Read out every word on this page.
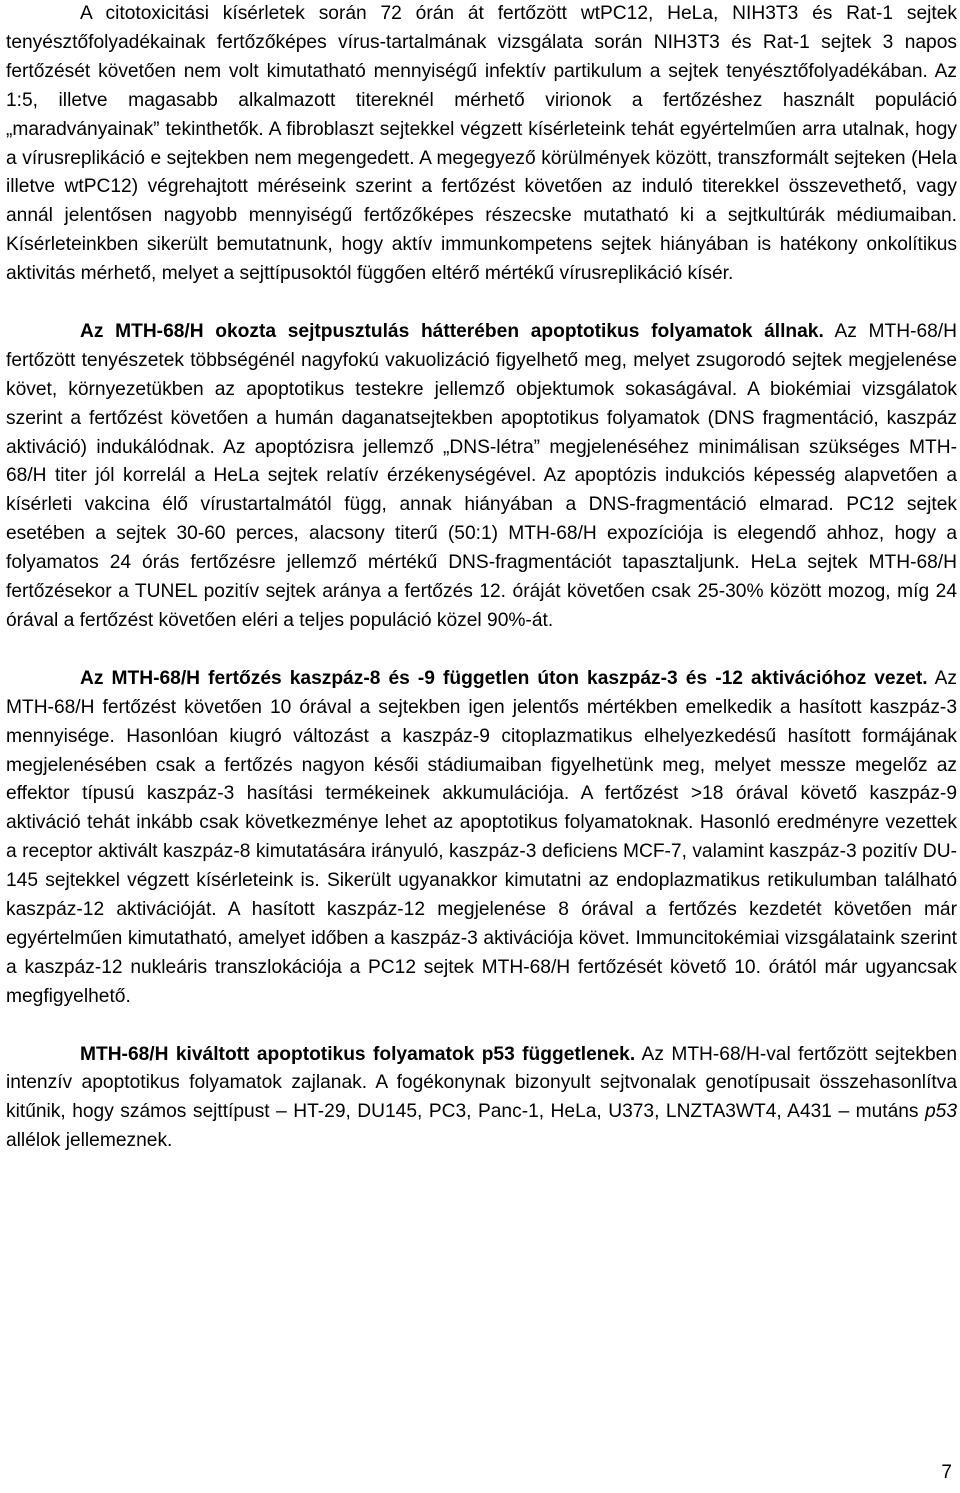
A citotoxicitási kísérletek során 72 órán át fertőzött wtPC12, HeLa, NIH3T3 és Rat-1 sejtek tenyésztőfolyadékainak fertőzőképes vírus-tartalmának vizsgálata során NIH3T3 és Rat-1 sejtek 3 napos fertőzését követően nem volt kimutatható mennyiségű infektív partikulum a sejtek tenyésztőfolyadékában. Az 1:5, illetve magasabb alkalmazott titereknél mérhető virionok a fertőzéshez használt populáció „maradványainak” tekinthetők. A fibroblaszt sejtekkel végzett kísérleteink tehát egyértelműen arra utalnak, hogy a vírusreplikáció e sejtekben nem megengedett. A megegyező körülmények között, transzformált sejteken (Hela illetve wtPC12) végrehajtott méréseink szerint a fertőzést követően az induló titerekkel összevethető, vagy annál jelentősen nagyobb mennyiségű fertőzőképes részecske mutatható ki a sejtkultúrák médiumaiban. Kísérleteinkben sikerült bemutatnunk, hogy aktív immunkompetens sejtek hiányában is hatékony onkolítikus aktivitás mérhető, melyet a sejttípusoktól függően eltérő mértékű vírusreplikáció kísér.

Az MTH-68/H okozta sejtpusztulás hátterében apoptotikus folyamatok állnak. Az MTH-68/H fertőzött tenyészetek többségénél nagyfokú vakuolizáció figyelhető meg, melyet zsugorodó sejtek megjelenése követ, környezetükben az apoptotikus testekre jellemző objektumok sokaságával. A biokémiai vizsgálatok szerint a fertőzést követően a humán daganatsejtekben apoptotikus folyamatok (DNS fragmentáció, kaszpáz aktiváció) indukálódnak. Az apoptózisra jellemző „DNS-létra” megjelenéséhez minimálisan szükséges MTH-68/H titer jól korrelál a HeLa sejtek relatív érzékenységével. Az apoptózis indukciós képesség alapvetően a kísérleti vakcina élő vírustartalmától függ, annak hiányában a DNS-fragmentáció elmarad. PC12 sejtek esetében a sejtek 30-60 perces, alacsony titerű (50:1) MTH-68/H expozíciója is elegendő ahhoz, hogy a folyamatos 24 órás fertőzésre jellemző mértékű DNS-fragmentációt tapasztaljunk. HeLa sejtek MTH-68/H fertőzésekor a TUNEL pozitív sejtek aránya a fertőzés 12. óráját követően csak 25-30% között mozog, míg 24 órával a fertőzést követően eléri a teljes populáció közel 90%-át.

Az MTH-68/H fertőzés kaszpáz-8 és -9 független úton kaszpáz-3 és -12 aktivációhoz vezet. Az MTH-68/H fertőzést követően 10 órával a sejtekben igen jelentős mértékben emelkedik a hasított kaszpáz-3 mennyisége. Hasonlóan kiugró változást a kaszpáz-9 citoplazmatikus elhelyezkedésű hasított formájának megjelenésében csak a fertőzés nagyon késői stádiumaiban figyelhetünk meg, melyet messze megelőz az effektor típusú kaszpáz-3 hasítási termékeinek akkumulációja. A fertőzést >18 órával követő kaszpáz-9 aktiváció tehát inkább csak következménye lehet az apoptotikus folyamatoknak. Hasonló eredményre vezettek a receptor aktivált kaszpáz-8 kimutatására irányuló, kaszpáz-3 deficiens MCF-7, valamint kaszpáz-3 pozitív DU-145 sejtekkel végzett kísérleteink is. Sikerült ugyanakkor kimutatni az endoplazmatikus retikulumban található kaszpáz-12 aktivációját. A hasított kaszpáz-12 megjelenése 8 órával a fertőzés kezdetét követően már egyértelműen kimutatható, amelyet időben a kaszpáz-3 aktivációja követ. Immuncitokémiai vizsgálataink szerint a kaszpáz-12 nukleáris transzlokációja a PC12 sejtek MTH-68/H fertőzését követő 10. órától már ugyancsak megfigyelhető.

MTH-68/H kiváltott apoptotikus folyamatok p53 függetlenek. Az MTH-68/H-val fertőzött sejtekben intenzív apoptotikus folyamatok zajlanak. A fogékonynak bizonyult sejtvonalak genotípusait összehasonlítva kitűnik, hogy számos sejttípust – HT-29, DU145, PC3, Panc-1, HeLa, U373, LNZTA3WT4, A431 – mutáns p53 allélok jellemeznek.

7
